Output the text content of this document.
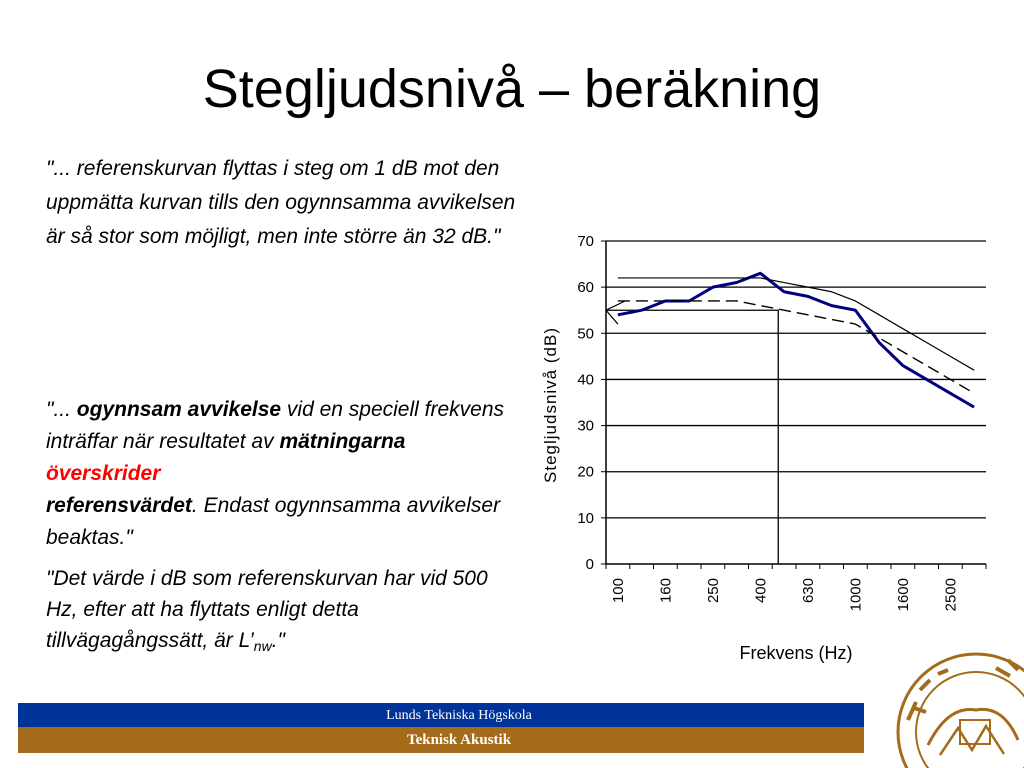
Stegljudsnivå – beräkning
"... referenskurvan flyttas i steg om 1 dB mot den uppmätta kurvan tills den ogynnsamma avvikelsen är så stor som möjligt, men inte större än 32 dB."
"... ogynnsam avvikelse vid en speciell frekvens inträffar när resultatet av mätningarna överskrider
referensvärdet. Endast ogynnsamma avvikelser beaktas."
"Det värde i dB som referenskurvan har vid 500 Hz, efter att ha flyttats enligt detta tillvägagångssätt, är $L’_{nw}$."
0
10
20
30
40
50
60
70
100 160 250 400 630 1000 1600 2500
Stegljudsnivå (dB)
Frekvens (Hz)
Lunds Tekniska Högskola
Teknisk Akustik
